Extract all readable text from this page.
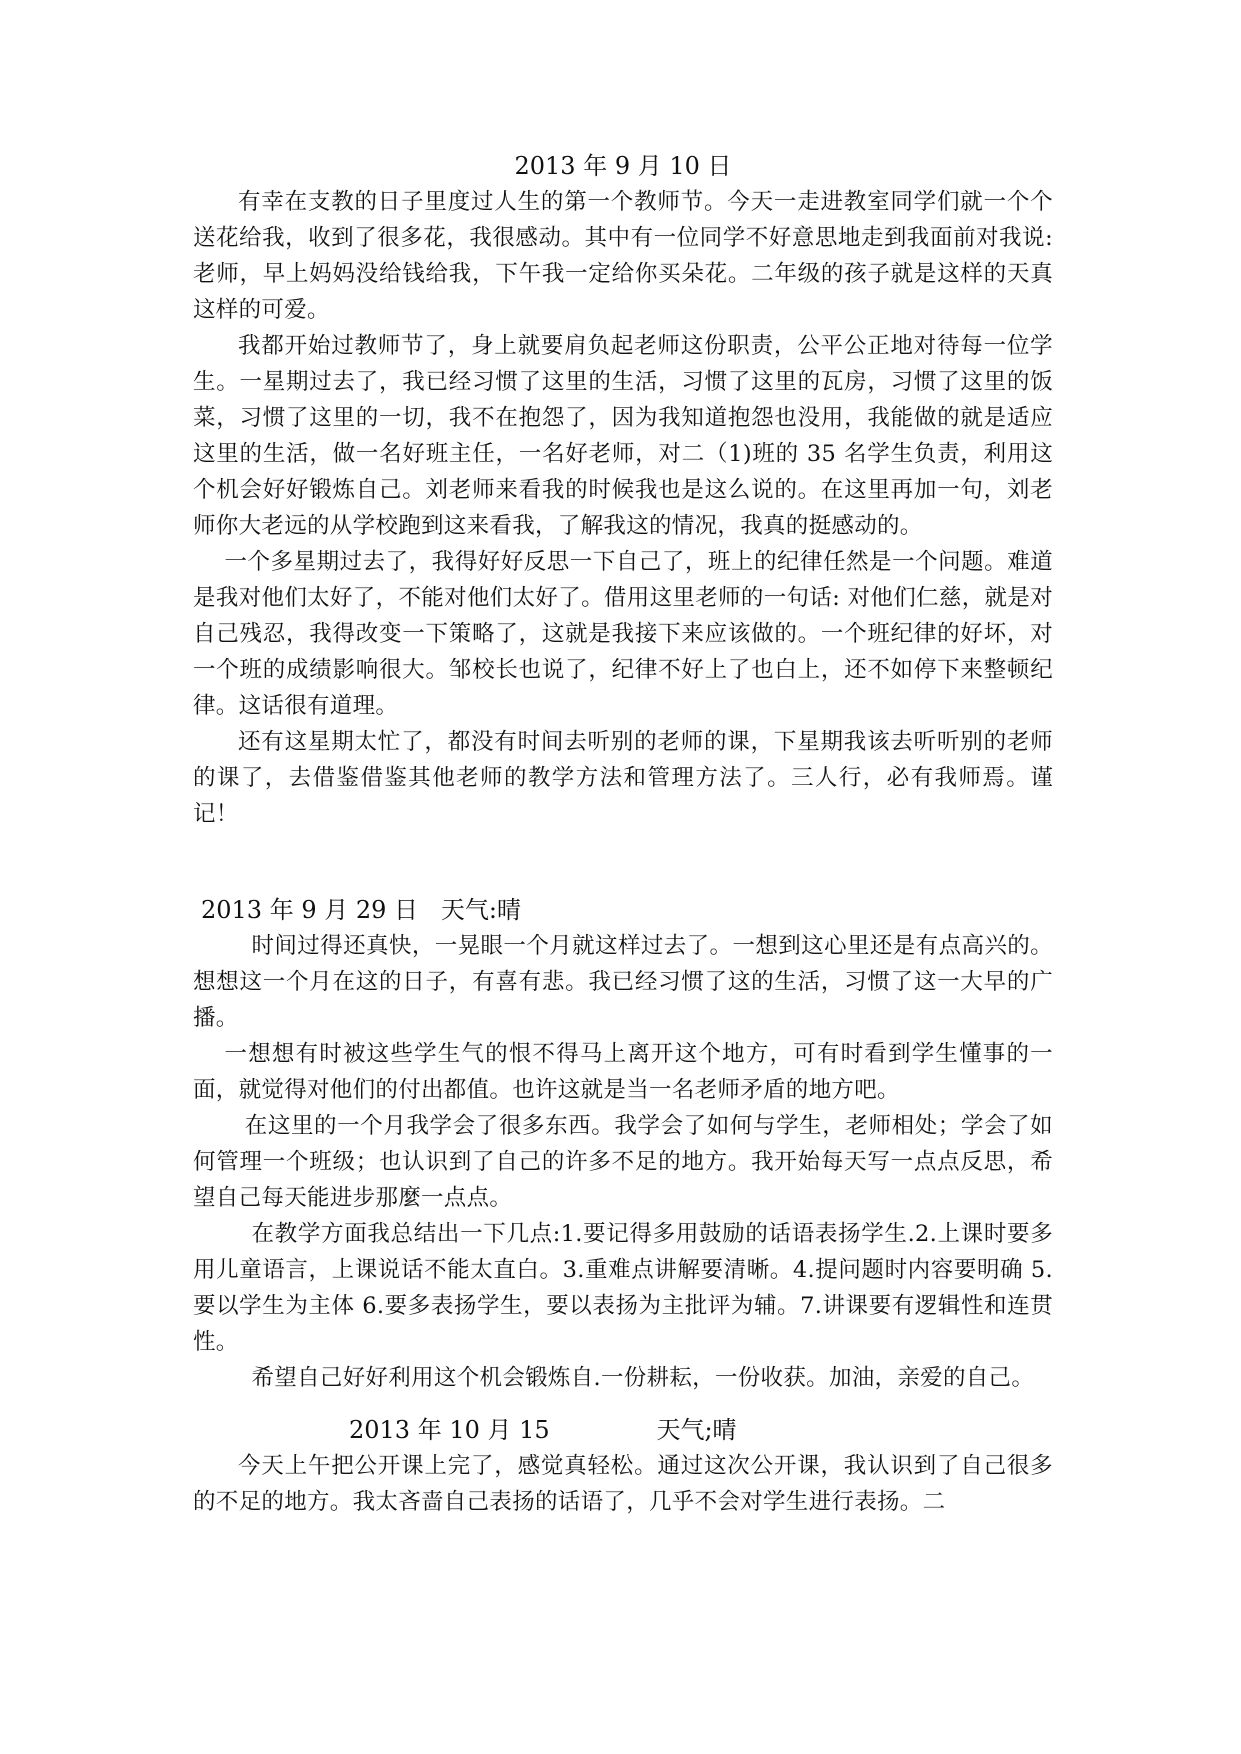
2013 年 9 月 10 日

有幸在支教的日子里度过人生的第一个教师节。今天一走进教室同学们就一个个送花给我，收到了很多花，我很感动。其中有一位同学不好意思地走到我面前对我说:老师，早上妈妈没给钱给我，下午我一定给你买朵花。二年级的孩子就是这样的天真这样的可爱。

我都开始过教师节了，身上就要肩负起老师这份职责，公平公正地对待每一位学生。一星期过去了，我已经习惯了这里的生活，习惯了这里的瓦房，习惯了这里的饭菜，习惯了这里的一切，我不在抱怨了，因为我知道抱怨也没用，我能做的就是适应这里的生活，做一名好班主任，一名好老师，对二（1)班的 35 名学生负责，利用这个机会好好锻炼自己。刘老师来看我的时候我也是这么说的。在这里再加一句，刘老师你大老远的从学校跑到这来看我，了解我这的情况，我真的挺感动的。

一个多星期过去了，我得好好反思一下自己了，班上的纪律任然是一个问题。难道是我对他们太好了，不能对他们太好了。借用这里老师的一句话: 对他们仁慈，就是对自己残忍，我得改变一下策略了，这就是我接下来应该做的。一个班纪律的好坏，对一个班的成绩影响很大。邹校长也说了，纪律不好上了也白上，还不如停下来整顿纪律。这话很有道理。

还有这星期太忙了，都没有时间去听别的老师的课，下星期我该去听听别的老师的课了，去借鉴借鉴其他老师的教学方法和管理方法了。三人行，必有我师焉。谨记！

2013 年 9 月 29 日   天气:晴

时间过得还真快，一晃眼一个月就这样过去了。一想到这心里还是有点高兴的。想想这一个月在这的日子，有喜有悲。我已经习惯了这的生活，习惯了这一大早的广播。

一想想有时被这些学生气的恨不得马上离开这个地方，可有时看到学生懂事的一面，就觉得对他们的付出都值。也许这就是当一名老师矛盾的地方吧。

在这里的一个月我学会了很多东西。我学会了如何与学生，老师相处；学会了如何管理一个班级；也认识到了自己的许多不足的地方。我开始每天写一点点反思，希望自己每天能进步那麼一点点。

在教学方面我总结出一下几点:1.要记得多用鼓励的话语表扬学生.2.上课时要多用儿童语言，上课说话不能太直白。3.重难点讲解要清晰。4.提问题时内容要明确 5.要以学生为主体 6.要多表扬学生，要以表扬为主批评为辅。7.讲课要有逻辑性和连贯性。

希望自己好好利用这个机会锻炼自.一份耕耘，一份收获。加油，亲爱的自己。

2013 年 10 月 15              天气;晴

今天上午把公开课上完了，感觉真轻松。通过这次公开课，我认识到了自己很多的不足的地方。我太吝啬自己表扬的话语了，几乎不会对学生进行表扬。二
